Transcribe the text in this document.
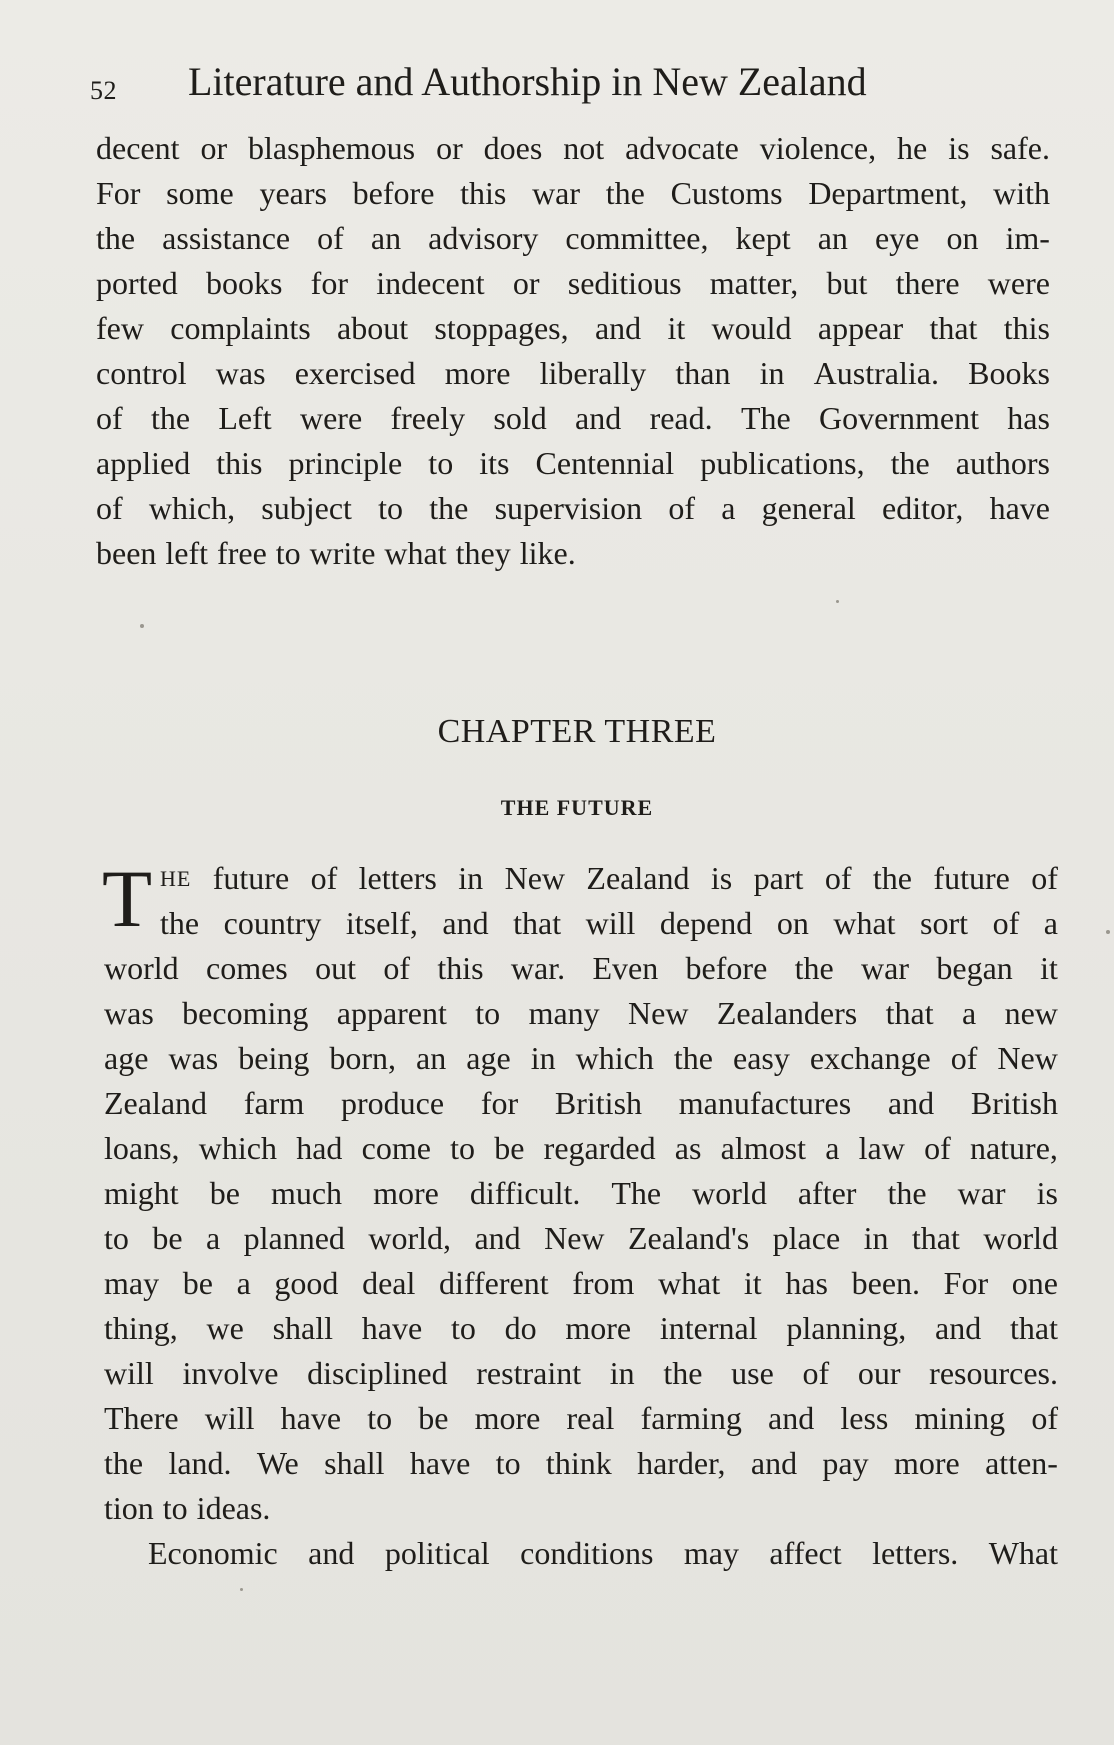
52 Literature and Authorship in New Zealand
decent or blasphemous or does not advocate violence, he is safe.
For some years before this war the Customs Department, with
the assistance of an advisory committee, kept an eye on im-
ported books for indecent or seditious matter, but there were
few complaints about stoppages, and it would appear that this
control was exercised more liberally than in Australia. Books
of the Left were freely sold and read. The Government has
applied this principle to its Centennial publications, the authors
of which, subject to the supervision of a general editor, have
been left free to write what they like.
CHAPTER THREE
THE FUTURE
T HE future of letters in New Zealand is part of the future of
the country itself, and that will depend on what sort of a
world comes out of this war. Even before the war began it
was becoming apparent to many New Zealanders that a new
age was being born, an age in which the easy exchange of New
Zealand farm produce for British manufactures and British
loans, which had come to be regarded as almost a law of nature,
might be much more difficult. The world after the war is
to be a planned world, and New Zealand's place in that world
may be a good deal different from what it has been. For one
thing, we shall have to do more internal planning, and that
will involve disciplined restraint in the use of our resources.
There will have to be more real farming and less mining of
the land. We shall have to think harder, and pay more atten-
tion to ideas.
Economic and political conditions may affect letters. What
